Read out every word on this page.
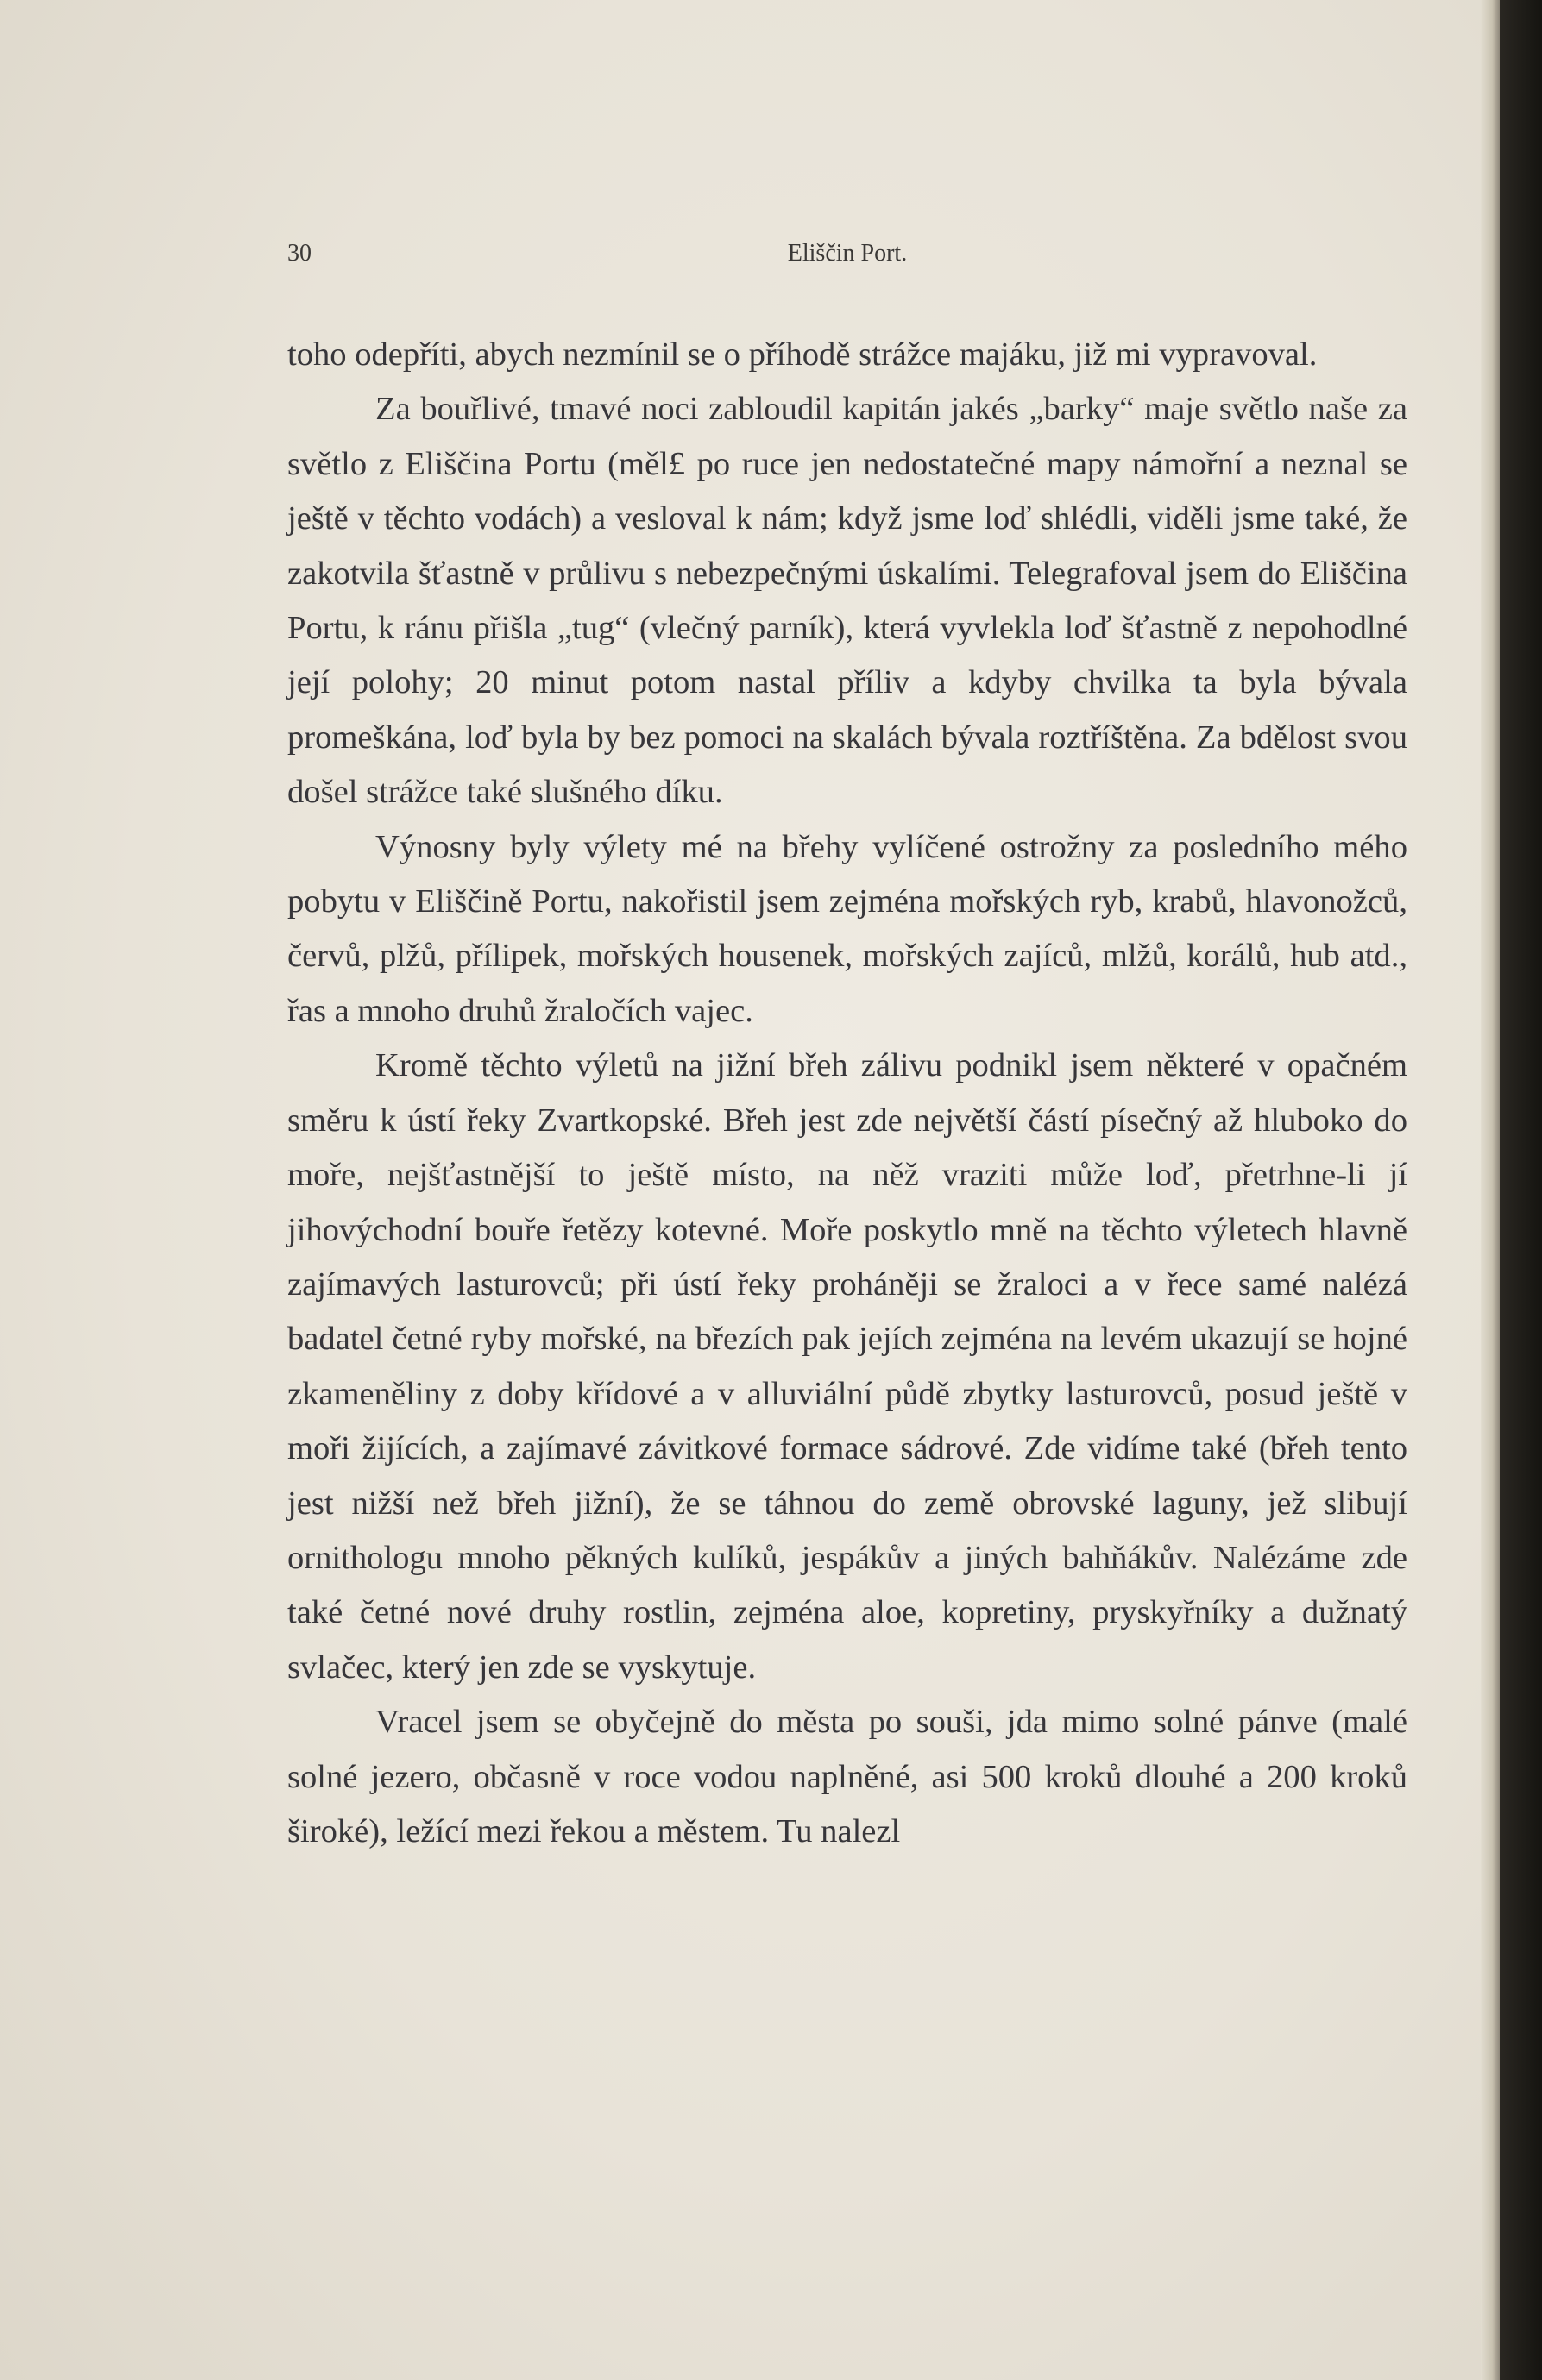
30	Eliščin Port.

toho odepříti, abych nezmínil se o příhodě strážce majáku, již mi vypravoval.

Za bouřlivé, tmavé noci zabloudil kapitán jakés „barky“ maje světlo naše za světlo z Eliščina Portu (měl£ po ruce jen nedostatečné mapy námořní a neznal se ještě v těchto vodách) a vesloval k nám; když jsme loď shlédli, viděli jsme také, že zakotvila šťastně v průlivu s nebezpečnými úskalími. Telegrafoval jsem do Eliščina Portu, k ránu přišla „tug“ (vlečný parník), která vyvlekla loď šťastně z nepohodlné její polohy; 20 minut potom nastal příliv a kdyby chvilka ta byla bývala promeškána, loď byla by bez pomoci na skalách bývala roztříštěna. Za bdělost svou došel strážce také slušného díku.

Výnosny byly výlety mé na břehy vylíčené ostrožny za posledního mého pobytu v Eliščině Portu, nakořistil jsem zejména mořských ryb, krabů, hlavonožců, červů, plžů, přílipek, mořských housenek, mořských zajíců, mlžů, korálů, hub atd., řas a mnoho druhů žraločích vajec.

Kromě těchto výletů na jižní břeh zálivu podnikl jsem některé v opačném směru k ústí řeky Zvartkopské. Břeh jest zde největší částí písečný až hluboko do moře, nejšťastnější to ještě místo, na něž vraziti může loď, přetrhne-li jí jihovýchodní bouře řetězy kotevné. Moře poskytlo mně na těchto výletech hlavně zajímavých lasturovců; při ústí řeky proháněji se žraloci a v řece samé nalézá badatel četné ryby mořské, na březích pak jejích zejména na levém ukazují se hojné zkameněliny z doby křídové a v alluviální půdě zbytky lasturovců, posud ještě v moři žijících, a zajímavé závitkové formace sádrové. Zde vidíme také (břeh tento jest nižší než břeh jižní), že se táhnou do země obrovské laguny, jež slibují ornithologu mnoho pěkných kulíků, jespákův a jiných bahňákův. Nalézáme zde také četné nové druhy rostlin, zejména aloe, kopretiny, pryskyřníky a dužnatý svlačec, který jen zde se vyskytuje.

Vracel jsem se obyčejně do města po souši, jda mimo solné pánve (malé solné jezero, občasně v roce vodou naplněné, asi 500 kroků dlouhé a 200 kroků široké), ležící mezi řekou a městem. Tu nalezl
